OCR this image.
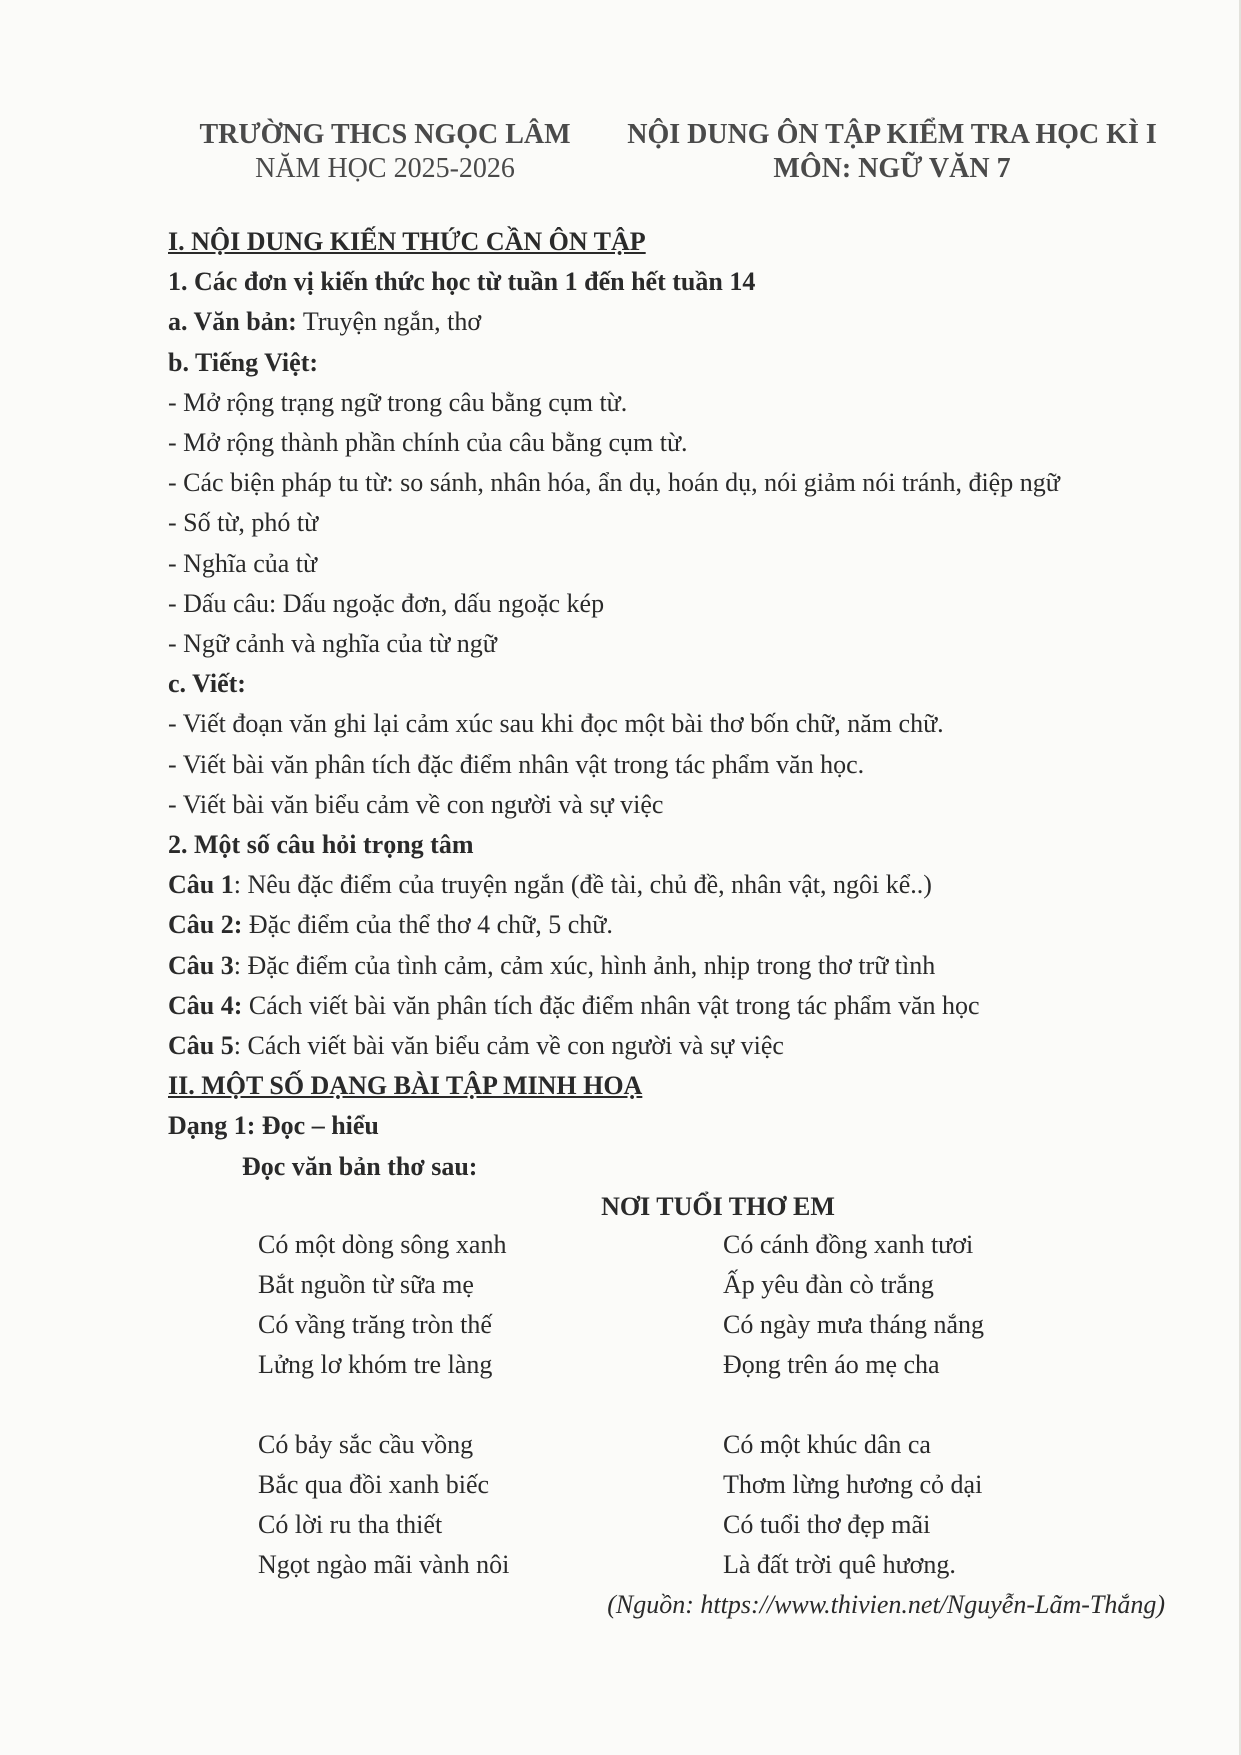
TRƯỜNG THCS NGỌC LÂM
NĂM HỌC 2025-2026
NỘI DUNG ÔN TẬP KIỂM TRA HỌC KÌ I
MÔN: NGỮ VĂN 7
I. NỘI DUNG KIẾN THỨC CẦN ÔN TẬP
1. Các đơn vị kiến thức học từ tuần 1 đến hết tuần 14
a. Văn bản: Truyện ngắn, thơ
b. Tiếng Việt:
- Mở rộng trạng ngữ trong câu bằng cụm từ.
- Mở rộng thành phần chính của câu bằng cụm từ.
- Các biện pháp tu từ: so sánh, nhân hóa, ẩn dụ, hoán dụ, nói giảm nói tránh, điệp ngữ
- Số từ, phó từ
- Nghĩa của từ
- Dấu câu: Dấu ngoặc đơn, dấu ngoặc kép
- Ngữ cảnh và nghĩa của từ ngữ
c. Viết:
- Viết đoạn văn ghi lại cảm xúc sau khi đọc một bài thơ bốn chữ, năm chữ.
- Viết bài văn phân tích đặc điểm nhân vật trong tác phẩm văn học.
- Viết bài văn biểu cảm về con người và sự việc
2. Một số câu hỏi trọng tâm
Câu 1: Nêu đặc điểm của truyện ngắn (đề tài, chủ đề, nhân vật, ngôi kể..)
Câu 2: Đặc điểm của thể thơ 4 chữ, 5 chữ.
Câu 3: Đặc điểm của tình cảm, cảm xúc, hình ảnh, nhịp trong thơ trữ tình
Câu 4: Cách viết bài văn phân tích đặc điểm nhân vật trong tác phẩm văn học
Câu 5: Cách viết bài văn biểu cảm về con người và sự việc
II. MỘT SỐ DẠNG BÀI TẬP MINH HOẠ
Dạng 1: Đọc – hiểu
Đọc văn bản thơ sau:
NƠI TUỔI THƠ EM
Có một dòng sông xanh
Bắt nguồn từ sữa mẹ
Có vầng trăng tròn thế
Lửng lơ khóm tre làng
Có cánh đồng xanh tươi
Ấp yêu đàn cò trắng
Có ngày mưa tháng nắng
Đọng trên áo mẹ cha
Có bảy sắc cầu vồng
Bắc qua đồi xanh biếc
Có lời ru tha thiết
Ngọt ngào mãi vành nôi
Có một khúc dân ca
Thơm lừng hương cỏ dại
Có tuổi thơ đẹp mãi
Là đất trời quê hương.
(Nguồn: https://www.thivien.net/Nguyễn-Lãm-Thắng)
